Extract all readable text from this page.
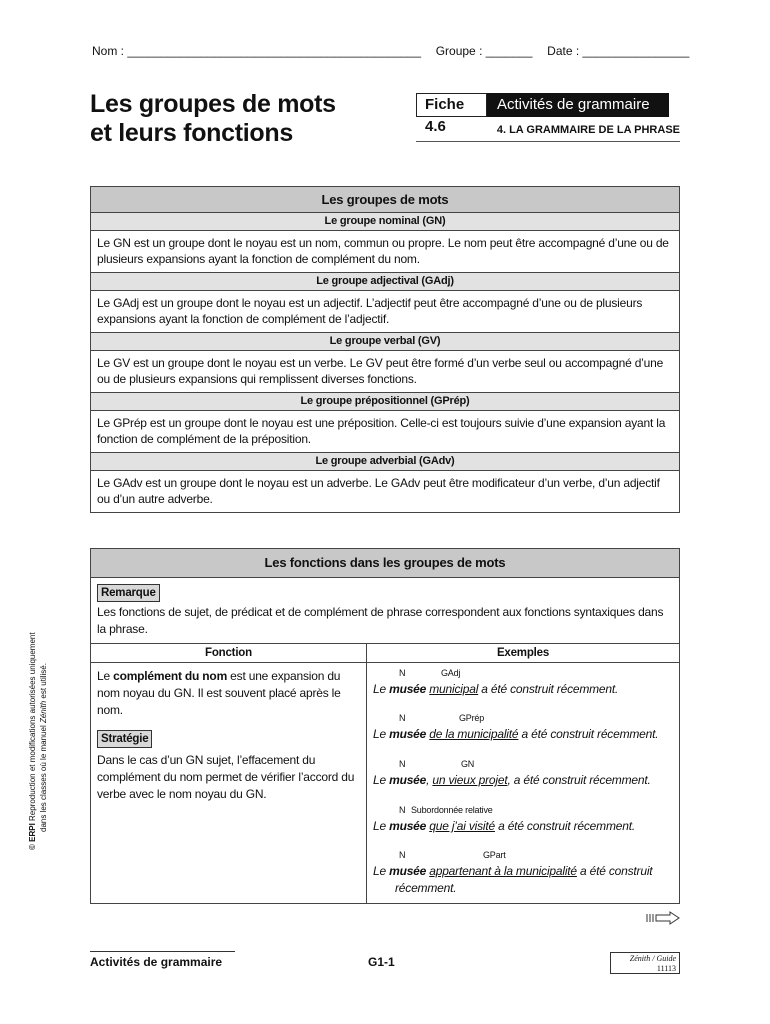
Nom : ____________________________________________ Groupe : _______ Date : ________________
Les groupes de mots
et leurs fonctions
Fiche 4.6
Activités de grammaire
4. LA GRAMMAIRE DE LA PHRASE
Les groupes de mots
Le groupe nominal (GN)
Le GN est un groupe dont le noyau est un nom, commun ou propre. Le nom peut être accompagné d’une ou de plusieurs expansions ayant la fonction de complément du nom.
Le groupe adjectival (GAdj)
Le GAdj est un groupe dont le noyau est un adjectif. L’adjectif peut être accompagné d’une ou de plusieurs expansions ayant la fonction de complément de l’adjectif.
Le groupe verbal (GV)
Le GV est un groupe dont le noyau est un verbe. Le GV peut être formé d’un verbe seul ou accompagné d’une ou de plusieurs expansions qui remplissent diverses fonctions.
Le groupe prépositionnel (GPrép)
Le GPrép est un groupe dont le noyau est une préposition. Celle-ci est toujours suivie d’une expansion ayant la fonction de complément de la préposition.
Le groupe adverbial (GAdv)
Le GAdv est un groupe dont le noyau est un adverbe. Le GAdv peut être modificateur d’un verbe, d’un adjectif ou d’un autre adverbe.
Les fonctions dans les groupes de mots
Remarque
Les fonctions de sujet, de prédicat et de complément de phrase correspondent aux fonctions syntaxiques dans la phrase.
Fonction	Exemples
Le complément du nom est une expansion du nom noyau du GN. Il est souvent placé après le nom.
Stratégie
Dans le cas d’un GN sujet, l’effacement du complément du nom permet de vérifier l’accord du verbe avec le nom noyau du GN.
N	GAdj
Le musée municipal a été construit récemment.
N	GPrép
Le musée de la municipalité a été construit récemment.
N	GN
Le musée, un vieux projet, a été construit récemment.
N Subordonnée relative
Le musée que j’ai visité a été construit récemment.
N	GPart
Le musée appartenant à la municipalité a été construit
récemment.
© ERPI Reproduction et modifications autorisées uniquement dans les classes où le manuel Zénith est utilisé.
Activités de grammaire	G1-1	Zénith / Guide
11113
